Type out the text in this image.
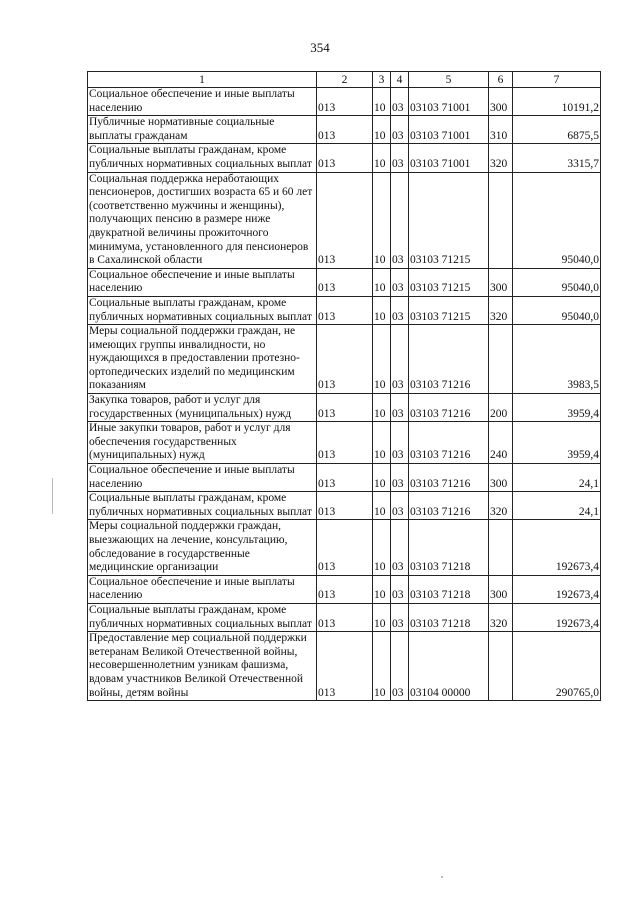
354
1	2	3	4	5	6	7
Социальное обеспечение и иные выплаты населению	013	10	03	03103 71001	300	10191,2
Публичные нормативные социальные выплаты гражданам	013	10	03	03103 71001	310	6875,5
Социальные выплаты гражданам, кроме публичных нормативных социальных выплат	013	10	03	03103 71001	320	3315,7
Социальная поддержка неработающих пенсионеров, достигших возраста 65 и 60 лет (соответственно мужчины и женщины), получающих пенсию в размере ниже двукратной величины прожиточного минимума, установленного для пенсионеров в Сахалинской области	013	10	03	03103 71215		95040,0
Социальное обеспечение и иные выплаты населению	013	10	03	03103 71215	300	95040,0
Социальные выплаты гражданам, кроме публичных нормативных социальных выплат	013	10	03	03103 71215	320	95040,0
Меры социальной поддержки граждан, не имеющих группы инвалидности, но нуждающихся в предоставлении протезно-ортопедических изделий по медицинским показаниям	013	10	03	03103 71216		3983,5
Закупка товаров, работ и услуг для государственных (муниципальных) нужд	013	10	03	03103 71216	200	3959,4
Иные закупки товаров, работ и услуг для обеспечения государственных (муниципальных) нужд	013	10	03	03103 71216	240	3959,4
Социальное обеспечение и иные выплаты населению	013	10	03	03103 71216	300	24,1
Социальные выплаты гражданам, кроме публичных нормативных социальных выплат	013	10	03	03103 71216	320	24,1
Меры социальной поддержки граждан, выезжающих на лечение, консультацию, обследование в государственные медицинские организации	013	10	03	03103 71218		192673,4
Социальное обеспечение и иные выплаты населению	013	10	03	03103 71218	300	192673,4
Социальные выплаты гражданам, кроме публичных нормативных социальных выплат	013	10	03	03103 71218	320	192673,4
Предоставление мер социальной поддержки ветеранам Великой Отечественной войны, несовершеннолетним узникам фашизма, вдовам участников Великой Отечественной войны, детям войны	013	10	03	03104 00000		290765,0
